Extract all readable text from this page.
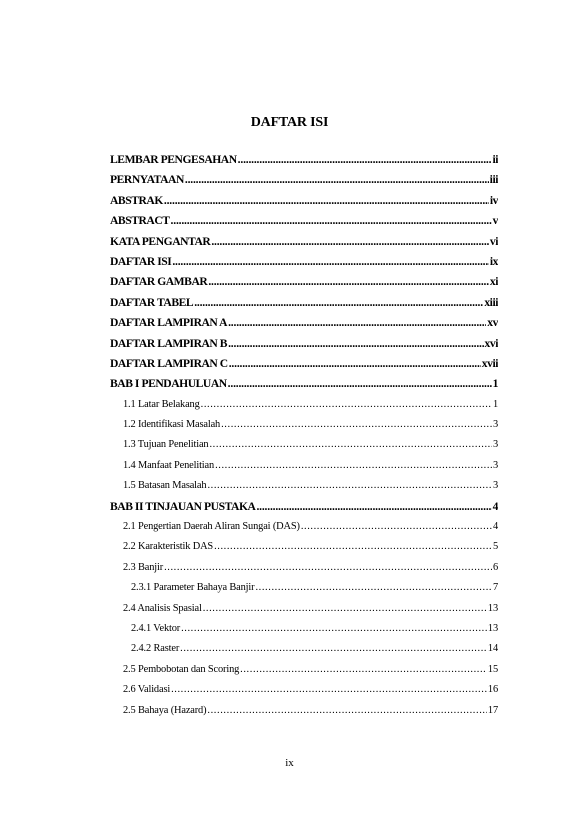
DAFTAR ISI
LEMBAR PENGESAHAN .....	ii
PERNYATAAN .....	iii
ABSTRAK .....	iv
ABSTRACT .....	v
KATA PENGANTAR .....	vi
DAFTAR ISI .....	ix
DAFTAR GAMBAR .....	xi
DAFTAR TABEL .....	xiii
DAFTAR LAMPIRAN A .....	xv
DAFTAR LAMPIRAN B .....	xvi
DAFTAR LAMPIRAN C .....	xvii
BAB I PENDAHULUAN .....	1
1.1 Latar Belakang .....	1
1.2 Identifikasi Masalah .....	3
1.3 Tujuan Penelitian .....	3
1.4 Manfaat Penelitian .....	3
1.5 Batasan Masalah .....	3
BAB II TINJAUAN PUSTAKA .....	4
2.1 Pengertian Daerah Aliran Sungai (DAS) .....	4
2.2 Karakteristik DAS .....	5
2.3 Banjir .....	6
2.3.1 Parameter Bahaya Banjir .....	7
2.4 Analisis Spasial .....	13
2.4.1 Vektor .....	13
2.4.2 Raster .....	14
2.5 Pembobotan dan Scoring .....	15
2.6 Validasi .....	16
2.5 Bahaya (Hazard) .....	17
ix
